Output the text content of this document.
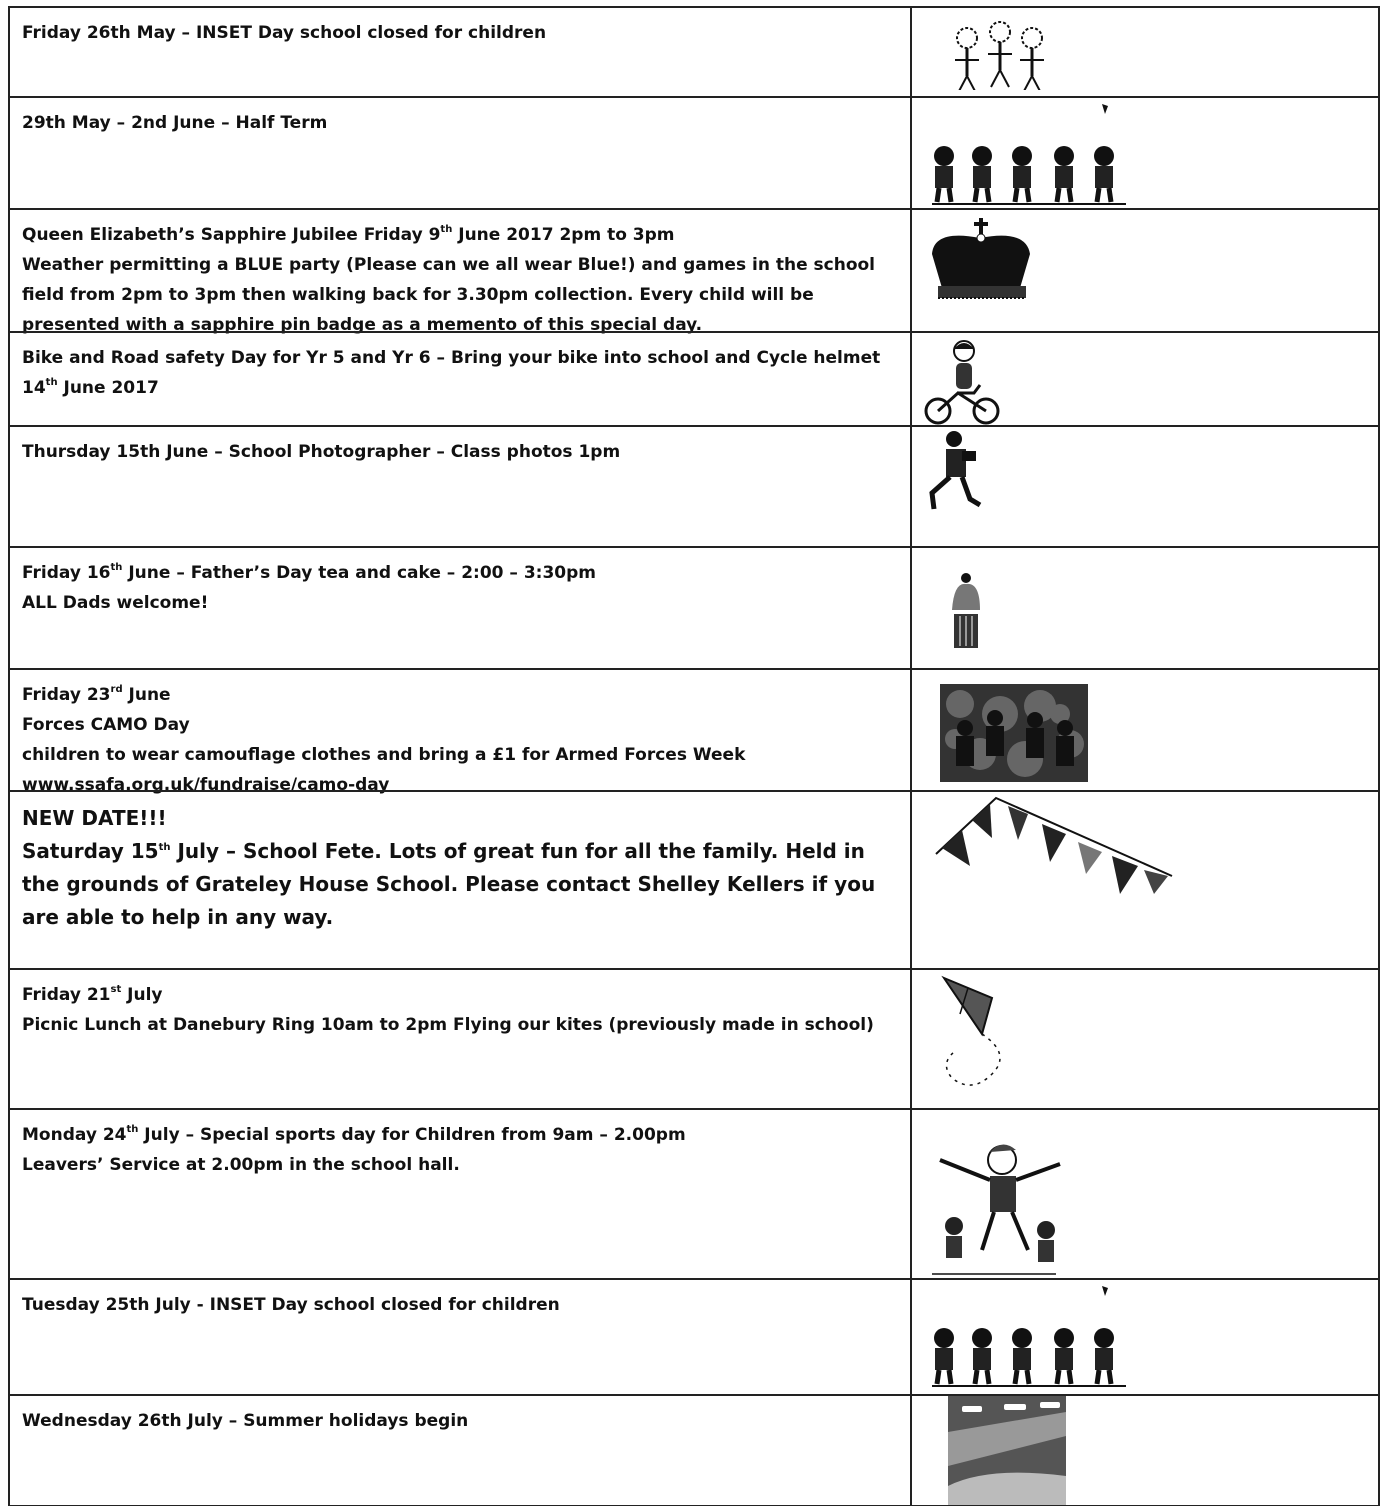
Friday 26th May – INSET Day school closed for children
29th May – 2nd June – Half Term
Queen Elizabeth’s Sapphire Jubilee Friday 9th June 2017 2pm to 3pm
Weather permitting a BLUE party (Please can we all wear Blue!) and games in the school field from 2pm to 3pm then walking back for 3.30pm collection. Every child will be presented with a sapphire pin badge as a memento of this special day.
Bike and Road safety Day for Yr 5 and Yr 6 – Bring your bike into school and Cycle helmet 14th June 2017
Thursday 15th June – School Photographer – Class photos 1pm
Friday 16th June – Father’s Day tea and cake – 2:00 – 3:30pm
ALL Dads welcome!
Friday 23rd June
Forces CAMO Day
children to wear camouflage clothes and bring a £1 for Armed Forces Week
www.ssafa.org.uk/fundraise/camo-day
NEW DATE!!!
Saturday 15th July – School Fete. Lots of great fun for all the family. Held in the grounds of Grateley House School. Please contact Shelley Kellers if you are able to help in any way.
Friday 21st July
Picnic Lunch at Danebury Ring 10am to 2pm Flying our kites (previously made in school)
Monday 24th July – Special sports day for Children from 9am – 2.00pm
Leavers’ Service at 2.00pm in the school hall.
Tuesday 25th July - INSET Day school closed for children
Wednesday 26th July – Summer holidays begin
